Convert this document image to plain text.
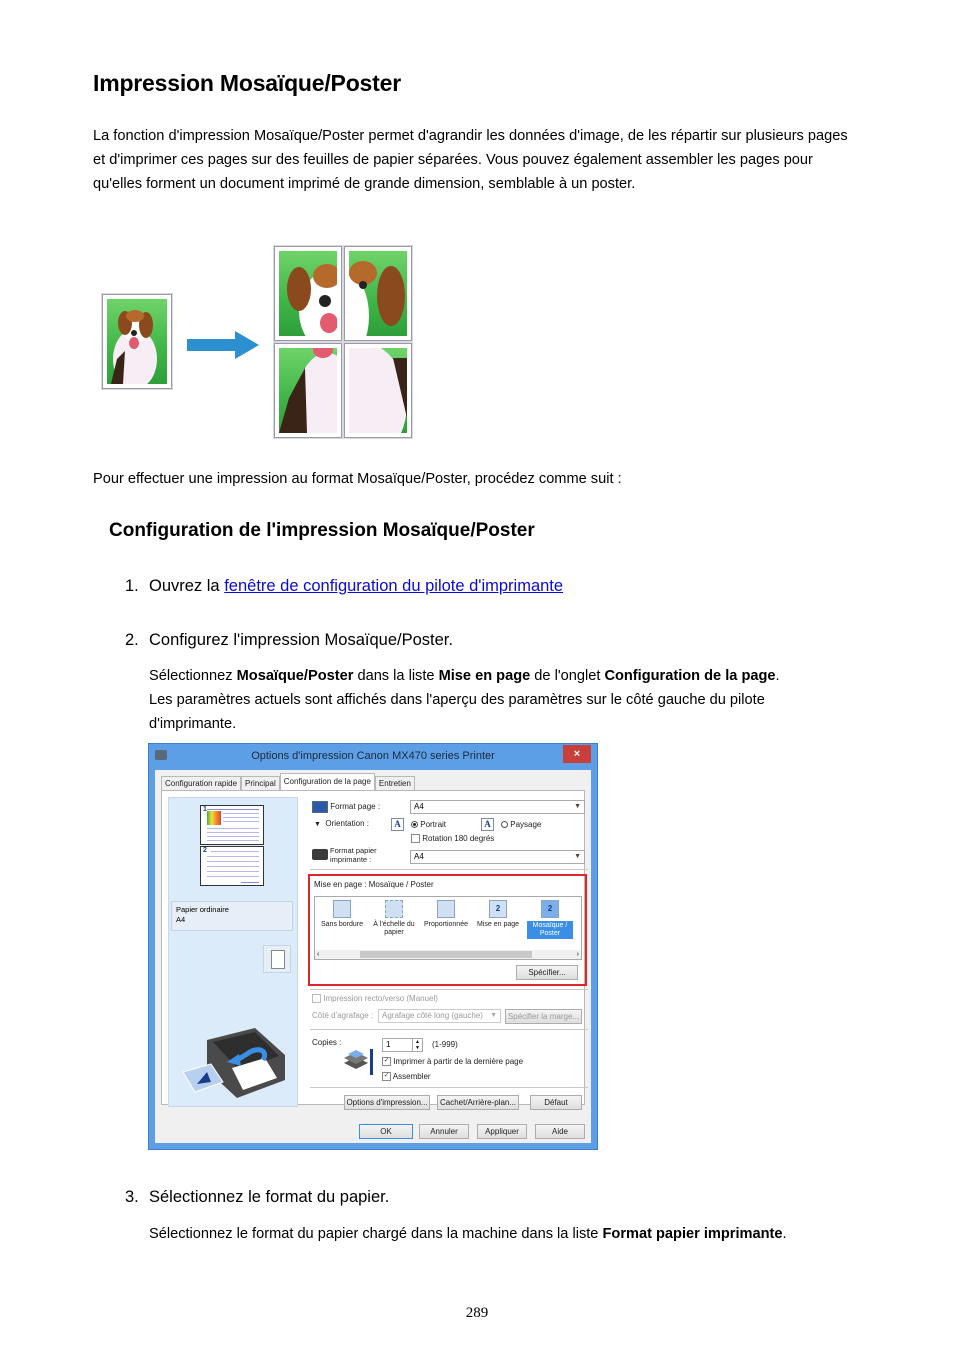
Impression Mosaïque/Poster

La fonction d'impression Mosaïque/Poster permet d'agrandir les données d'image, de les répartir sur plusieurs pages et d'imprimer ces pages sur des feuilles de papier séparées. Vous pouvez également assembler les pages pour qu'elles forment un document imprimé de grande dimension, semblable à un poster.

Pour effectuer une impression au format Mosaïque/Poster, procédez comme suit :

Configuration de l'impression Mosaïque/Poster

1. Ouvrez la fenêtre de configuration du pilote d'imprimante

2. Configurez l'impression Mosaïque/Poster.

Sélectionnez Mosaïque/Poster dans la liste Mise en page de l'onglet Configuration de la page.
Les paramètres actuels sont affichés dans l'aperçu des paramètres sur le côté gauche du pilote d'imprimante.

Options d'impression Canon MX470 series Printer	×
Configuration rapide	Principal	Configuration de la page	Entretien
1
2
Papier ordinaire
A4
Format page :	A4	▼
▼ Orientation :	A	Portrait	A	Paysage
Rotation 180 degrés
Format papier
imprimante :	A4	▼
Mise en page : Mosaïque / Poster
Sans bordure	À l'échelle du papier
Proportionnée
2
Mise en page
2
Mosaïque / Poster
‹	›
Spécifier...
Impression recto/verso (Manuel)
Côté d'agrafage :	Agrafage côté long (gauche) ▼	Spécifier la marge...
Copies :	1	▲
▼ (1-999)
✓ Imprimer à partir de la dernière page
✓ Assembler
Options d'impression...	Cachet/Arrière-plan...	Défaut
OK	Annuler	Appliquer	Aide

3. Sélectionnez le format du papier.

Sélectionnez le format du papier chargé dans la machine dans la liste Format papier imprimante.

289
